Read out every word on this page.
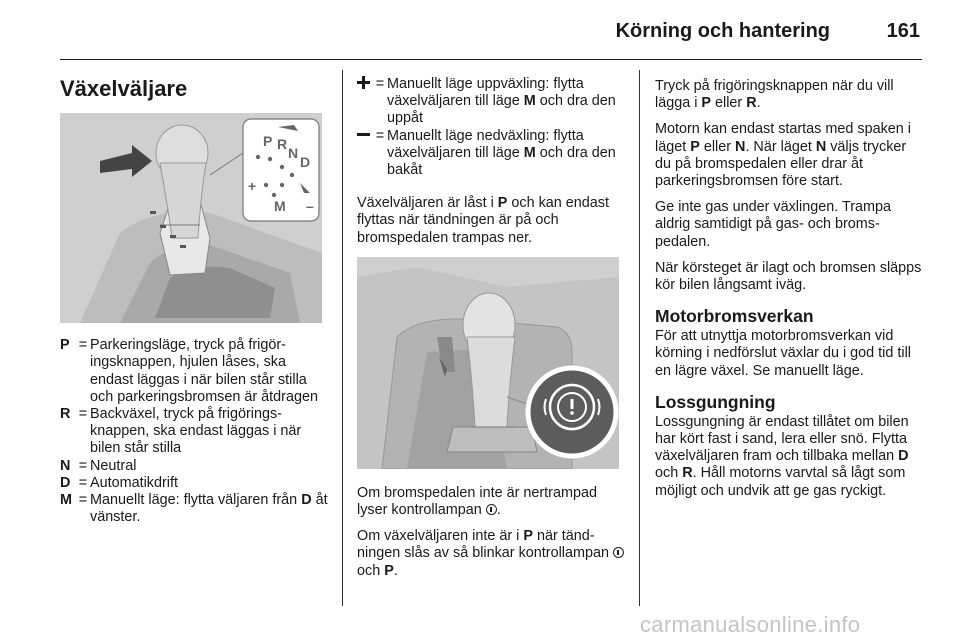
Körning och hantering	161
Växelväljare
P R
N
D
M
+
–
P = Parkeringsläge, tryck på frigöringsknappen, hjulen låses, ska endast läggas i när bilen står stilla och parkeringsbromsen är åtdragen
R = Backväxel, tryck på frigöringsknappen, ska endast läggas i när bilen står stilla
N = Neutral
D = Automatikdrift
M = Manuellt läge: flytta väljaren från D åt vänster.
= Manuellt läge uppväxling: flytta växelväljaren till läge M och dra den uppåt
= Manuellt läge nedväxling: flytta växelväljaren till läge M och dra den bakåt

Växelväljaren är låst i P och kan endast flyttas när tändningen är på och bromspedalen trampas ner.

Om bromspedalen inte är nertrampad lyser kontrollampan .

Om växelväljaren inte är i P när tändningen slås av så blinkar kontrollampan  och P.

Tryck på frigöringsknappen när du vill lägga i P eller R.

Motorn kan endast startas med spaken i läget P eller N. När läget N väljs trycker du på bromspedalen eller drar åt parkeringsbromsen före start.

Ge inte gas under växlingen. Trampa aldrig samtidigt på gas- och bromspedalen.

När körsteget är ilagt och bromsen släpps kör bilen långsamt iväg.

Motorbromsverkan

För att utnyttja motorbromsverkan vid körning i nedförslut växlar du i god tid till en lägre växel. Se manuellt läge.

Lossgungning

Lossgungning är endast tillåtet om bilen har kört fast i sand, lera eller snö. Flytta växelväljaren fram och tillbaka mellan D och R. Håll motorns varvtal så lågt som möjligt och undvik att ge gas ryckigt.

carmanualsonline.info
